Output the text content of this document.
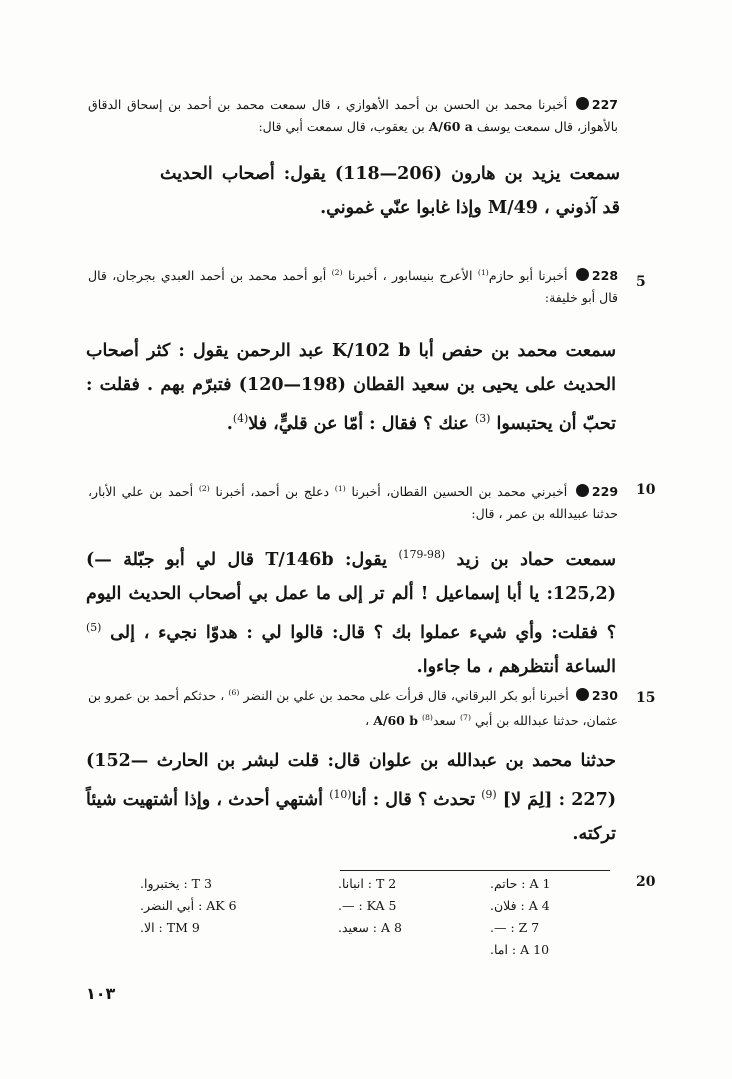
227 أخبرنا محمد بن الحسن بن أحمد الأهوازي ، قال سمعت محمد بن أحمد بن إسحاق الدقاق بالأهواز، قال سمعت يوسف A/60 a بن يعقوب، قال سمعت أبي قال:

سمعت يزيد بن هارون (118—206) يقول: أصحاب الحديث قد آذوني ، M/49 وإذا غابوا عنّي غموني.

228 أخبرنا أبو حازم$^{(1)}$ الأعرج بنيسابور ، أخبرنا $^{(2)}$ أبو أحمد محمد بن أحمد العبدي بجرجان، قال قال أبو خليفة:

سمعت محمد بن حفص أبا K/102 b عبد الرحمن يقول : كثر أصحاب الحديث على يحيى بن سعيد القطان (120—198) فتبرّم بهم . فقلت : تحبّ أن يحتبسوا $^{(3)}$ عنك ؟ فقال : أمّا عن قليٍّ، فلا$^{(4)}$.

229 أخبرني محمد بن الحسين القطان، أخبرنا $^{(1)}$ دعلج بن أحمد، أخبرنا $^{(2)}$ أحمد بن علي الأبار، حدثنا عبيدالله بن عمر ، قال:

سمعت حماد بن زيد $^{(179-98)}$ يقول: T/146b قال لي أبو جبّلة (—125,2): يا أبا إسماعيل ! ألم تر إلى ما عمل بي أصحاب الحديث اليوم ؟ فقلت: وأي شيء عملوا بك ؟ قال: قالوا لي : هدوّا نجيء ، إلى $^{(5)}$ الساعة أنتظرهم ، ما جاءوا.

230 أخبرنا أبو بكر البرقاني، قال قرأت على محمد بن علي بن النضر $^{(6)}$ ، حدثكم أحمد بن عمرو بن عثمان، حدثنا عبدالله بن أبي $^{(7)}$ سعد$^{(8)}$ A/60 b ،

حدثنا محمد بن عبدالله بن علوان قال: قلت لبشر بن الحارث (152—227) : [لِمَ لا] $^{(9)}$ تحدث ؟ قال : أنا$^{(10)}$ أشتهي أحدث ، وإذا أشتهيت شيئاً تركته.

5
10
15
20
A 1 : حاتم.
A 4 : فلان.
Z 7 : —.
A 10 : اما.
T 2 : انبانا.
KA 5 : —.
A 8 : سعيد.
T 3 : يختبروا.
AK 6 : أبي النضر.
TM 9 : الا.
١٠٣
